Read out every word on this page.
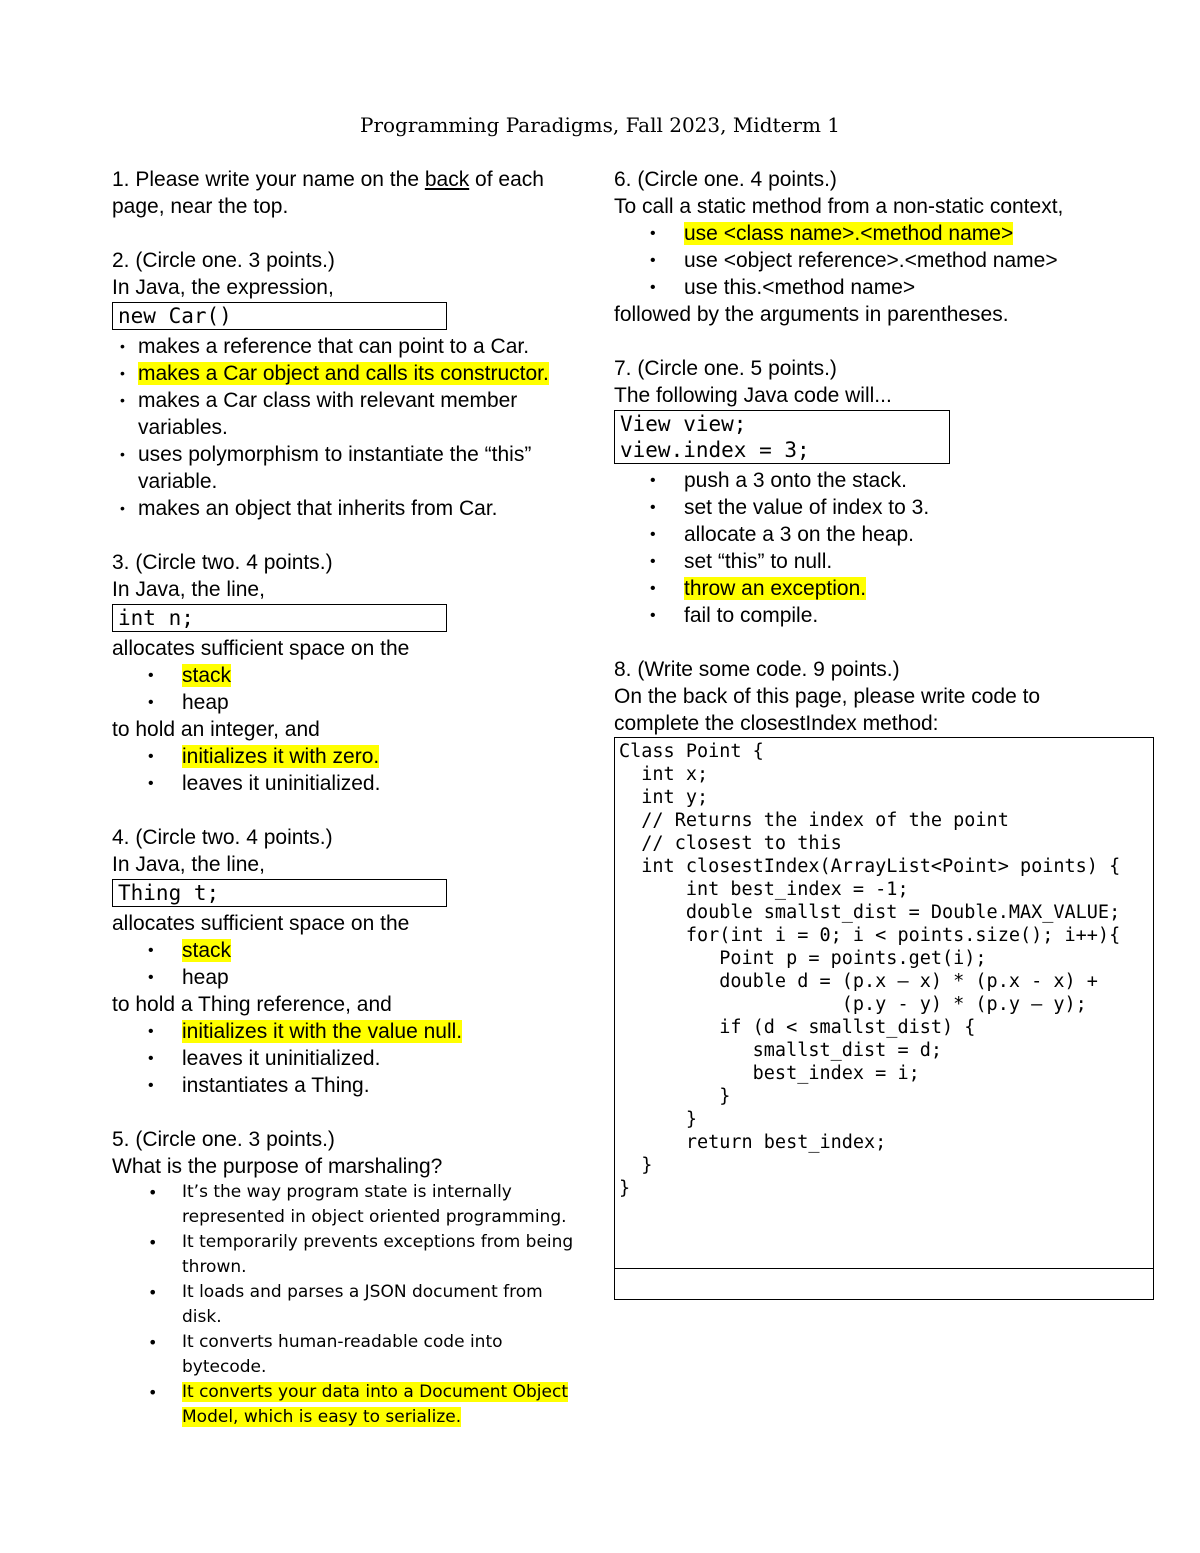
Programming Paradigms, Fall 2023, Midterm 1
1. Please write your name on the back of each
page, near the top.
2. (Circle one. 3 points.)
In Java, the expression,
new Car()
• makes a reference that can point to a Car.
• makes a Car object and calls its constructor.
• makes a Car class with relevant member
variables.
• uses polymorphism to instantiate the “this”
variable.
• makes an object that inherits from Car.
3. (Circle two. 4 points.)
In Java, the line,
int n;
allocates sufficient space on the
• stack
• heap
to hold an integer, and
• initializes it with zero.
• leaves it uninitialized.
4. (Circle two. 4 points.)
In Java, the line,
Thing t;
allocates sufficient space on the
• stack
• heap
to hold a Thing reference, and
• initializes it with the value null.
• leaves it uninitialized.
• instantiates a Thing.
5. (Circle one. 3 points.)
What is the purpose of marshaling?
• It’s the way program state is internally represented in object oriented programming.
• It temporarily prevents exceptions from being thrown.
• It loads and parses a JSON document from disk.
• It converts human-readable code into bytecode.
• It converts your data into a Document Object Model, which is easy to serialize.
6. (Circle one. 4 points.)
To call a static method from a non-static context,
• use <class name>.<method name>
• use <object reference>.<method name>
• use this.<method name>
followed by the arguments in parentheses.
7. (Circle one. 5 points.)
The following Java code will...
View view;
view.index = 3;
• push a 3 onto the stack.
• set the value of index to 3.
• allocate a 3 on the heap.
• set “this” to null.
• throw an exception.
• fail to compile.
8. (Write some code. 9 points.)
On the back of this page, please write code to
complete the closestIndex method:
Class Point {
int x;
int y;
// Returns the index of the point
// closest to this
int closestIndex(ArrayList<Point> points) {
int best_index = -1;
double smallst_dist = Double.MAX_VALUE;
for(int i = 0; i < points.size(); i++){
Point p = points.get(i);
double d = (p.x – x) * (p.x - x) +
(p.y - y) * (p.y – y);
if (d < smallst_dist) {
smallst_dist = d;
best_index = i;
}
}
return best_index;
}
}
